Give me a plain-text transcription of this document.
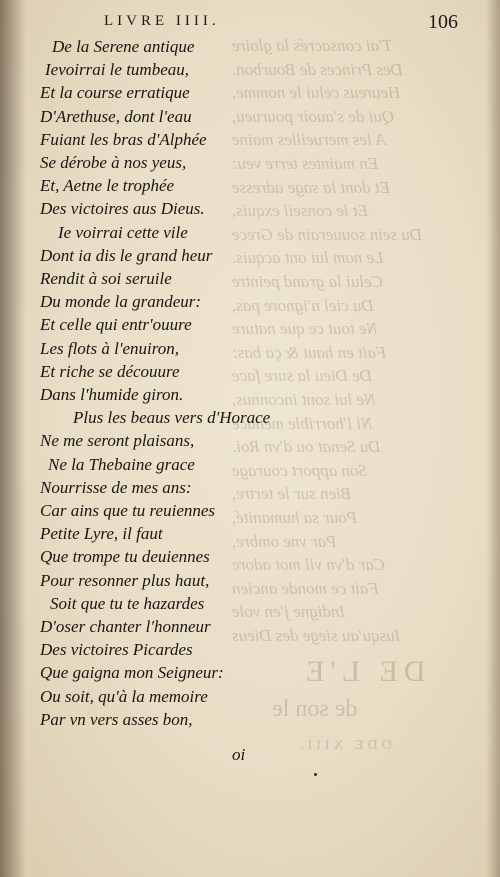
T'ai consacrés la gloire
Des Princes de Bourbon.
Heureus celui le nomme,
Qui de s'auoir pourueu,
A les merueilles maine
En maintes terre veu:
Et dont la sage adresse
Et le conseil exquis,
Du sein souuerain de Grece
Le nom lui ont acquis.
Celui la grand peintre
Du ciel n'ignore pas,
Ne tout ce que nature
Fait en haut & ça bas:
De Dieu la sure face
Ne lui sont inconnus,
Ni l'horrible menace
Du Senat ou d'vn Roi.
Son apport courage
Bien sur le tertre,
Pour sa humanité,
Par vne ombre,
Car d'vn vil mot adore
Fait ce monde ancien
Indigne j'en vole
Iusqu'au siege des Dieus
DE L'E
de son le
ODE XIII.
LIVRE IIII.	106
De la Serene antique
Ievoirrai le tumbeau,
Et la course erratique
D'Arethuse, dont l'eau
Fuiant les bras d'Alphée
Se dérobe à nos yeus,
Et, Aetne le trophée
Des victoires aus Dieus.
Ie voirrai cette vile
Dont ia dis le grand heur
Rendit à soi seruile
Du monde la grandeur:
Et celle qui entr'ouure
Les flots à l'enuiron,
Et riche se découure
Dans l'humide giron.
Plus les beaus vers d'Horace
Ne me seront plaisans,
Ne la Thebaine grace
Nourrisse de mes ans:
Car ains que tu reuiennes
Petite Lyre, il faut
Que trompe tu deuiennes
Pour resonner plus haut,
Soit que tu te hazardes
D'oser chanter l'honneur
Des victoires Picardes
Que gaigna mon Seigneur:
Ou soit, qu'à la memoire
Par vn vers asses bon,
oi
